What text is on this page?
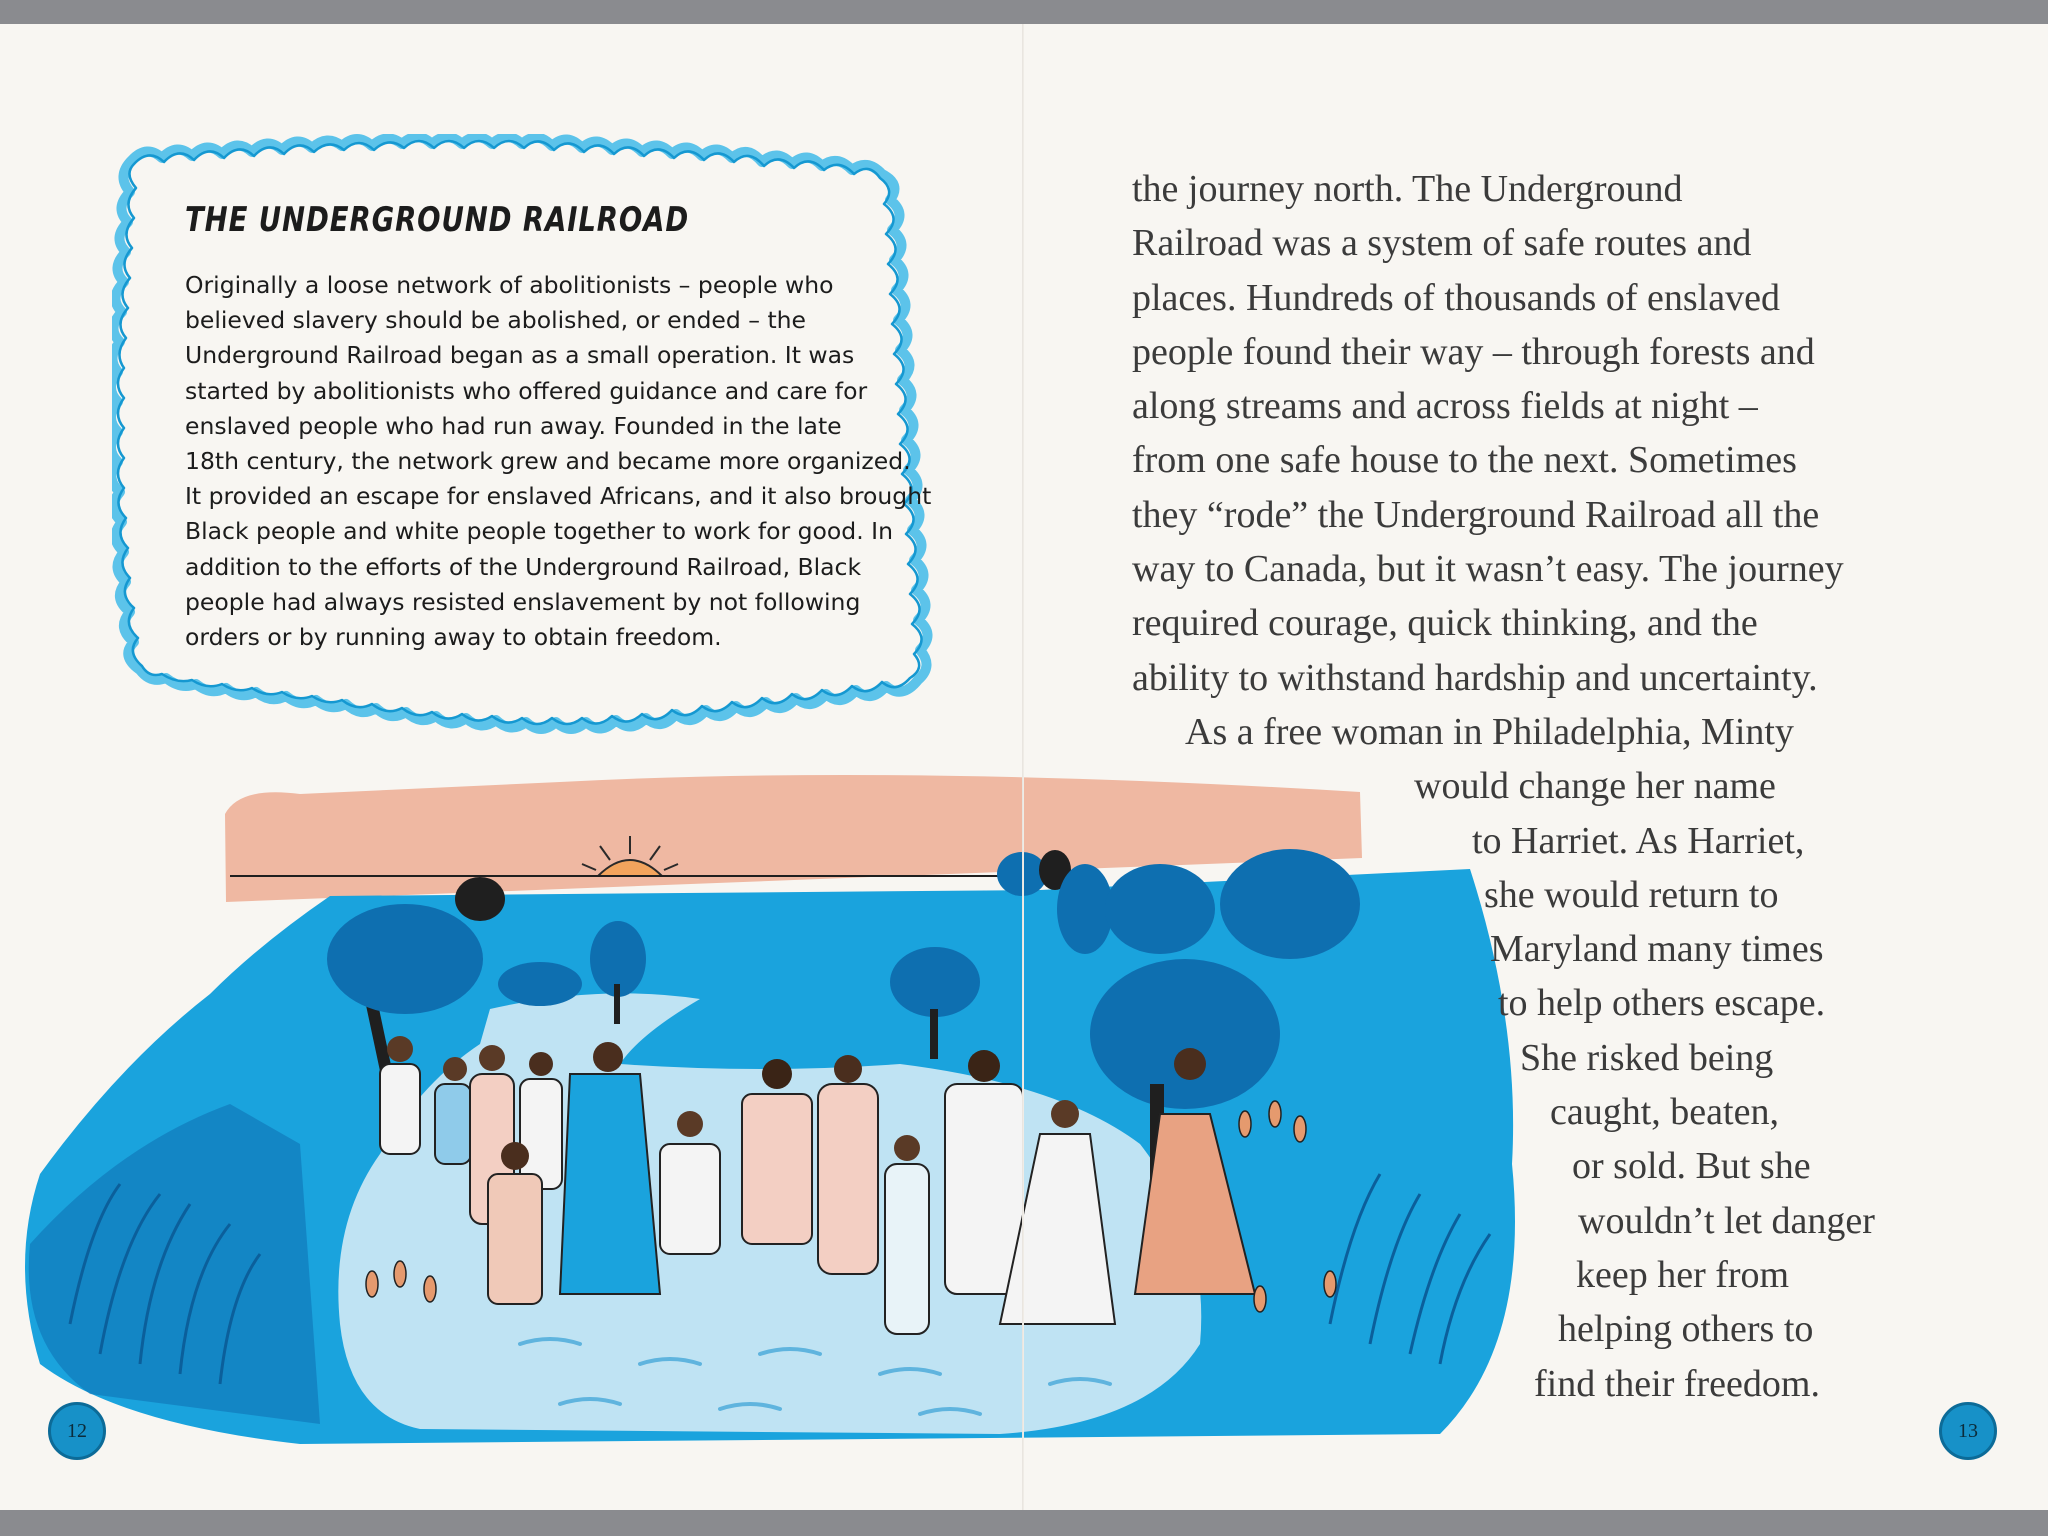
THE UNDERGROUND RAILROAD
Originally a loose network of abolitionists – people who
believed slavery should be abolished, or ended – the
Underground Railroad began as a small operation. It was
started by abolitionists who offered guidance and care for
enslaved people who had run away. Founded in the late
18th century, the network grew and became more organized.
It provided an escape for enslaved Africans, and it also brought
Black people and white people together to work for good. In
addition to the efforts of the Underground Railroad, Black
people had always resisted enslavement by not following
orders or by running away to obtain freedom.
the journey north. The Underground
Railroad was a system of safe routes and
places. Hundreds of thousands of enslaved
people found their way – through forests and
along streams and across fields at night –
from one safe house to the next. Sometimes
they “rode” the Underground Railroad all the
way to Canada, but it wasn’t easy. The journey
required courage, quick thinking, and the
ability to withstand hardship and uncertainty.
As a free woman in Philadelphia, Minty
would change her name
to Harriet. As Harriet,
she would return to
Maryland many times
to help others escape.
She risked being
caught, beaten,
or sold. But she
wouldn’t let danger
keep her from
helping others to
find their freedom.
12	13
